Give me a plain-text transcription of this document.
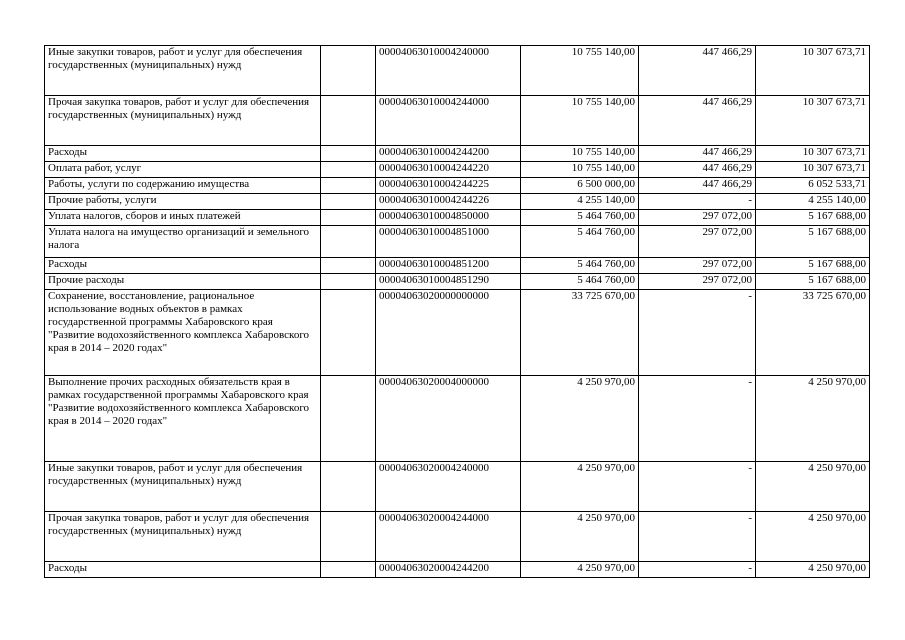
Иные закупки товаров, работ и услуг для обеспечения государственных (муниципальных) нужд		00004063010004240000	10 755 140,00	447 466,29	10 307 673,71
Прочая закупка товаров, работ и услуг для обеспечения государственных (муниципальных) нужд		00004063010004244000	10 755 140,00	447 466,29	10 307 673,71
Расходы		00004063010004244200	10 755 140,00	447 466,29	10 307 673,71
Оплата работ, услуг		00004063010004244220	10 755 140,00	447 466,29	10 307 673,71
Работы, услуги по содержанию имущества		00004063010004244225	6 500 000,00	447 466,29	6 052 533,71
Прочие работы, услуги		00004063010004244226	4 255 140,00	-	4 255 140,00
Уплата налогов, сборов и иных платежей		00004063010004850000	5 464 760,00	297 072,00	5 167 688,00
Уплата налога на имущество организаций и земельного налога		00004063010004851000	5 464 760,00	297 072,00	5 167 688,00
Расходы		00004063010004851200	5 464 760,00	297 072,00	5 167 688,00
Прочие расходы		00004063010004851290	5 464 760,00	297 072,00	5 167 688,00
Сохранение, восстановление, рациональное использование водных объектов в рамках государственной программы Хабаровского края "Развитие водохозяйственного комплекса Хабаровского края в 2014 – 2020 годах"		00004063020000000000	33 725 670,00	-	33 725 670,00
Выполнение прочих расходных обязательств края в рамках государственной программы Хабаровского края "Развитие водохозяйственного комплекса Хабаровского края в 2014 – 2020 годах"		00004063020004000000	4 250 970,00	-	4 250 970,00
Иные закупки товаров, работ и услуг для обеспечения государственных (муниципальных) нужд		00004063020004240000	4 250 970,00	-	4 250 970,00
Прочая закупка товаров, работ и услуг для обеспечения государственных (муниципальных) нужд		00004063020004244000	4 250 970,00	-	4 250 970,00
Расходы		00004063020004244200	4 250 970,00	-	4 250 970,00
